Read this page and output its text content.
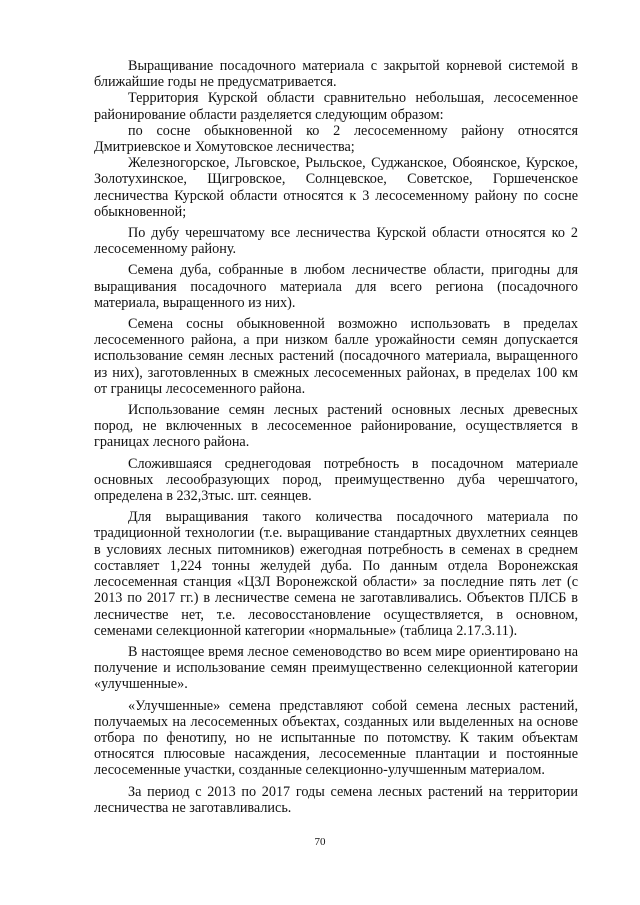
Выращивание посадочного материала с закрытой корневой системой в ближайшие годы не предусматривается.

Территория Курской области сравнительно небольшая, лесосеменное районирование области разделяется следующим образом:

по сосне обыкновенной ко 2 лесосеменному району относятся Дмитриевское и Хомутовское лесничества;

Железногорское, Льговское, Рыльское, Суджанское, Обоянское, Курское, Золотухинское, Щигровское, Солнцевское, Советское, Горшеченское лесничества Курской области относятся к 3 лесосеменному району по сосне обыкновенной;

По дубу черешчатому все лесничества Курской области относятся ко 2 лесосеменному району.

Семена дуба, собранные в любом лесничестве области, пригодны для выращивания посадочного материала для всего региона (посадочного материала, выращенного из них).

Семена сосны обыкновенной возможно использовать в пределах лесосеменного района, а при низком балле урожайности семян допускается использование семян лесных растений (посадочного материала, выращенного из них), заготовленных в смежных лесосеменных районах, в пределах 100 км от границы лесосеменного района.

Использование семян лесных растений основных лесных древесных пород, не включенных в лесосеменное районирование, осуществляется в границах лесного района.

Сложившаяся среднегодовая потребность в посадочном материале основных лесообразующих пород, преимущественно дуба черешчатого, определена в 232,3тыс. шт. сеянцев.

Для выращивания такого количества посадочного материала по традиционной технологии (т.е. выращивание стандартных двухлетних сеянцев в условиях лесных питомников) ежегодная потребность в семенах в среднем составляет 1,224 тонны желудей дуба. По данным отдела Воронежская лесосеменная станция «ЦЗЛ Воронежской области» за последние пять лет (с 2013 по 2017 гг.) в лесничестве семена не заготавливались. Объектов ПЛСБ в лесничестве нет, т.е. лесовосстановление осуществляется, в основном, семенами селекционной категории «нормальные» (таблица 2.17.3.11).

В настоящее время лесное семеноводство во всем мире ориентировано на получение и использование семян преимущественно селекционной категории «улучшенные».

«Улучшенные» семена представляют собой семена лесных растений, получаемых на лесосеменных объектах, созданных или выделенных на основе отбора по фенотипу, но не испытанные по потомству. К таким объектам относятся плюсовые насаждения, лесосеменные плантации и постоянные лесосеменные участки, созданные селекционно-улучшенным материалом.

За период с 2013 по 2017 годы семена лесных растений на территории лесничества не заготавливались.

70
